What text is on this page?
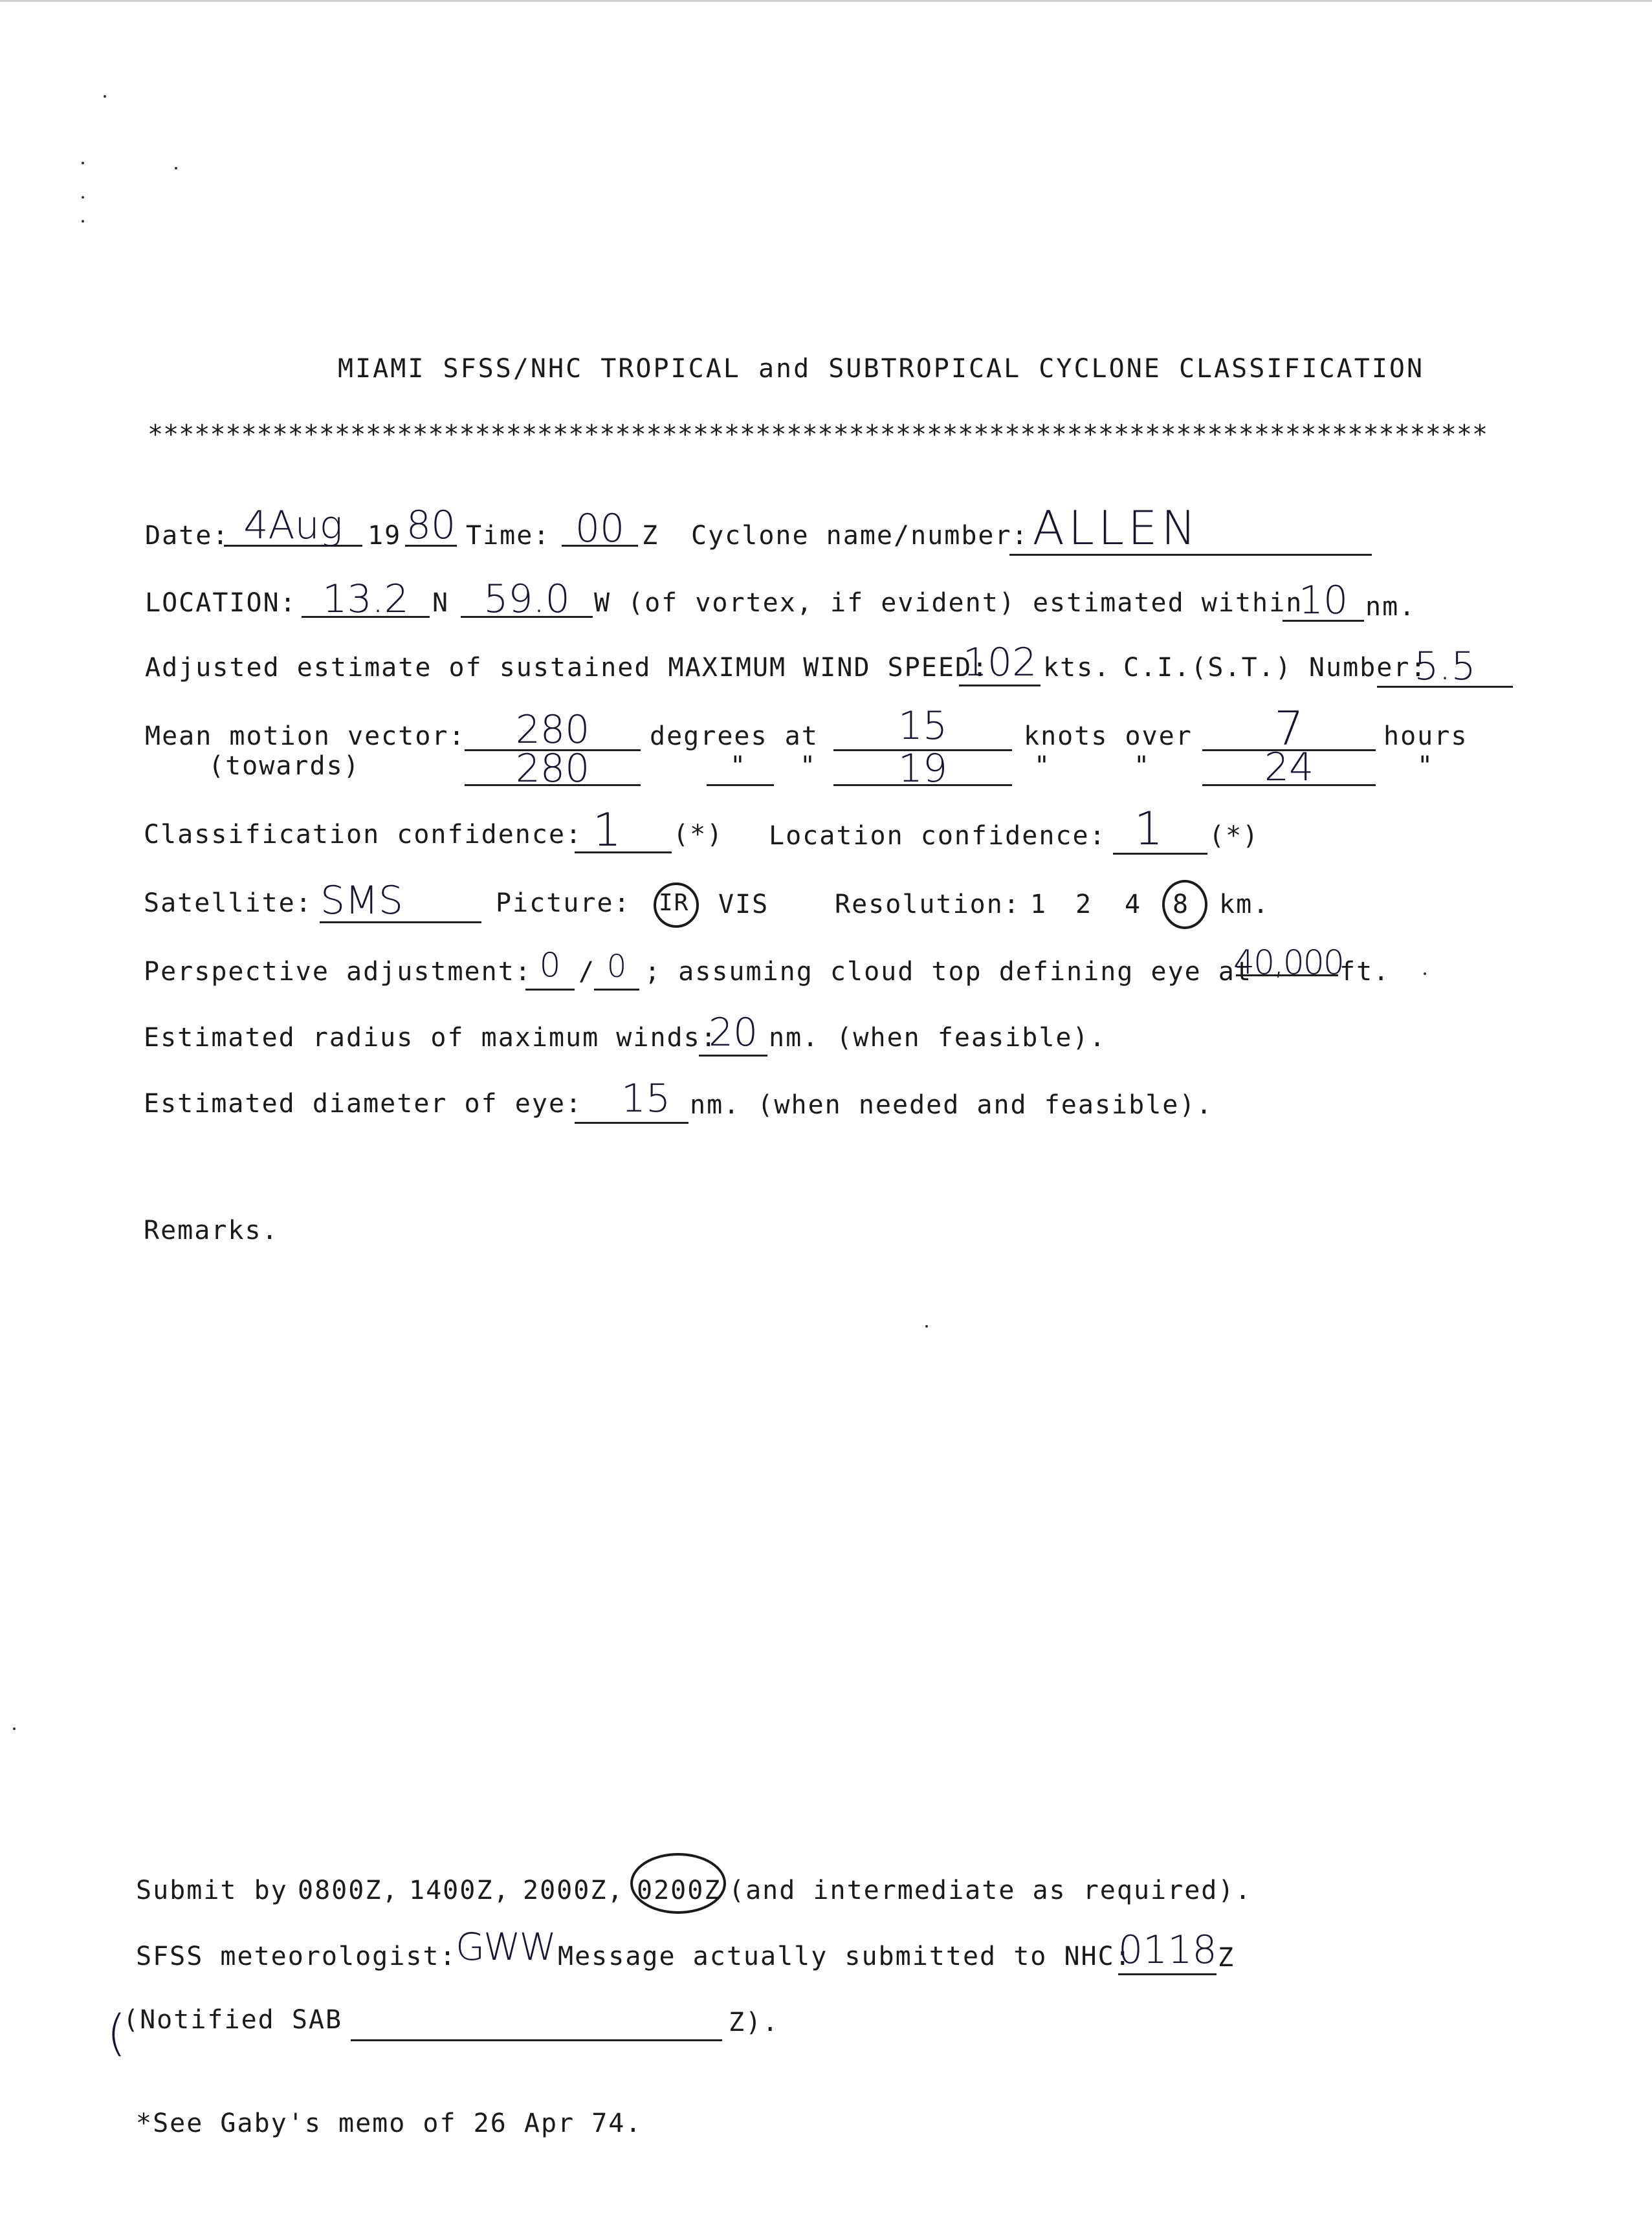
MIAMI SFSS/NHC TROPICAL and SUBTROPICAL CYCLONE CLASSIFICATION
**************************************************************************************
Date: 4Aug 19 80 Time: 00 Z Cyclone name/number: ALLEN
LOCATION: 13.2 N 59.0 W (of vortex, if evident) estimated within
10 nm.
Adjusted estimate of sustained MAXIMUM WIND SPEED:
102 kts. C.I.(S.T.) Number:
5.5
Mean motion vector:
(towards)
280	degrees at	15	knots over	7	hours
280	" "	19	"	"	24	"
Classification confidence: 1	(*) Location confidence: 1	(*)
Satellite: SMS	Picture: IR VIS	Resolution: 1 2 4 8 km.
Perspective adjustment: 0 / 0 ; assuming cloud top defining eye at
40,000
ft.
Estimated radius of maximum winds:
20 nm. (when feasible).
Estimated diameter of eye: 15 nm. (when needed and feasible).
Remarks.
Submit by 0800Z, 1400Z, 2000Z, 0200Z (and intermediate as required).
SFSS meteorologist:
GWW Message actually submitted to NHC:
0118 Z
(
(Notified SAB	Z).
*See Gaby's memo of 26 Apr 74.
